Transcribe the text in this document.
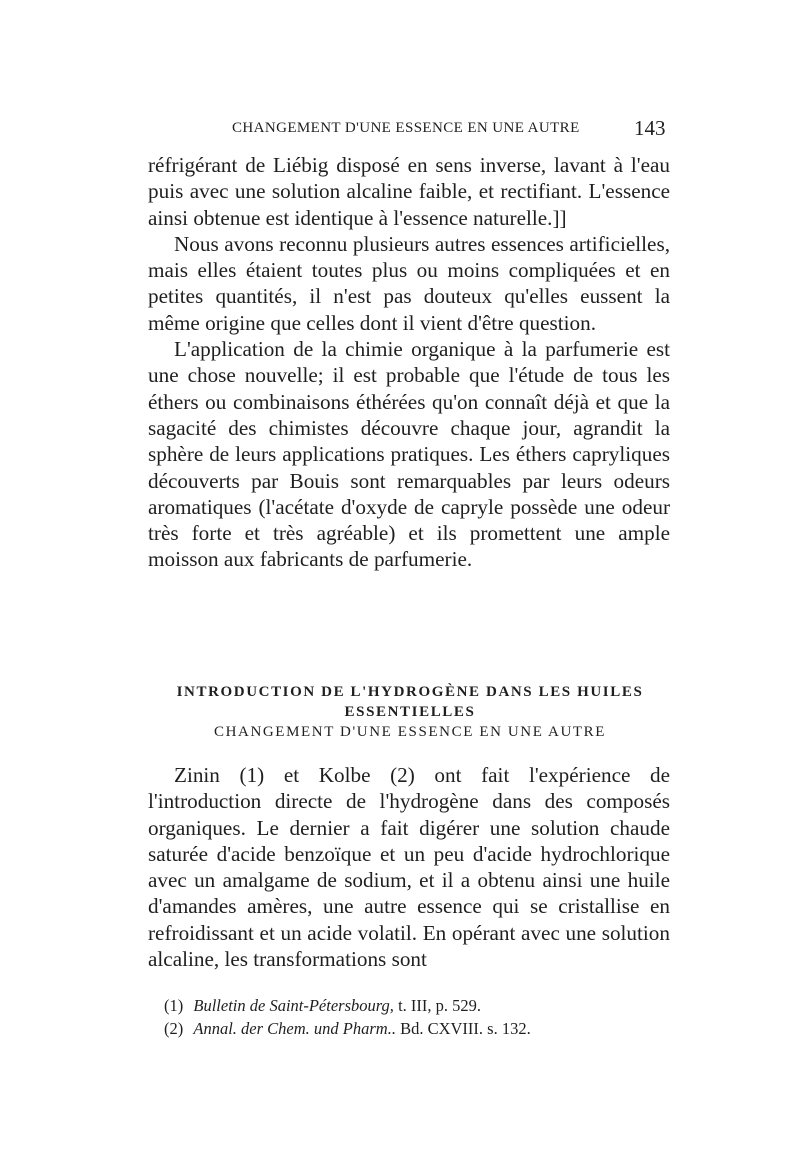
CHANGEMENT D'UNE ESSENCE EN UNE AUTRE	143

réfrigérant de Liébig disposé en sens inverse, lavant à l'eau puis avec une solution alcaline faible, et rectifiant. L'essence ainsi obtenue est identique à l'essence naturelle.]]

Nous avons reconnu plusieurs autres essences artificielles, mais elles étaient toutes plus ou moins compliquées et en petites quantités, il n'est pas douteux qu'elles eussent la même origine que celles dont il vient d'être question.

L'application de la chimie organique à la parfumerie est une chose nouvelle; il est probable que l'étude de tous les éthers ou combinaisons éthérées qu'on connaît déjà et que la sagacité des chimistes découvre chaque jour, agrandit la sphère de leurs applications pratiques. Les éthers capryliques découverts par Bouis sont remarquables par leurs odeurs aromatiques (l'acétate d'oxyde de capryle possède une odeur très forte et très agréable) et ils promettent une ample moisson aux fabricants de parfumerie.

INTRODUCTION DE L'HYDROGÈNE DANS LES HUILES
ESSENTIELLES
CHANGEMENT D'UNE ESSENCE EN UNE AUTRE

Zinin (1) et Kolbe (2) ont fait l'expérience de l'introduction directe de l'hydrogène dans des composés organiques. Le dernier a fait digérer une solution chaude saturée d'acide benzoïque et un peu d'acide hydrochlorique avec un amalgame de sodium, et il a obtenu ainsi une huile d'amandes amères, une autre essence qui se cristallise en refroidissant et un acide volatil. En opérant avec une solution alcaline, les transformations sont

(1) Bulletin de Saint-Pétersbourg, t. III, p. 529.
(2) Annal. der Chem. und Pharm.. Bd. CXVIII. s. 132.
